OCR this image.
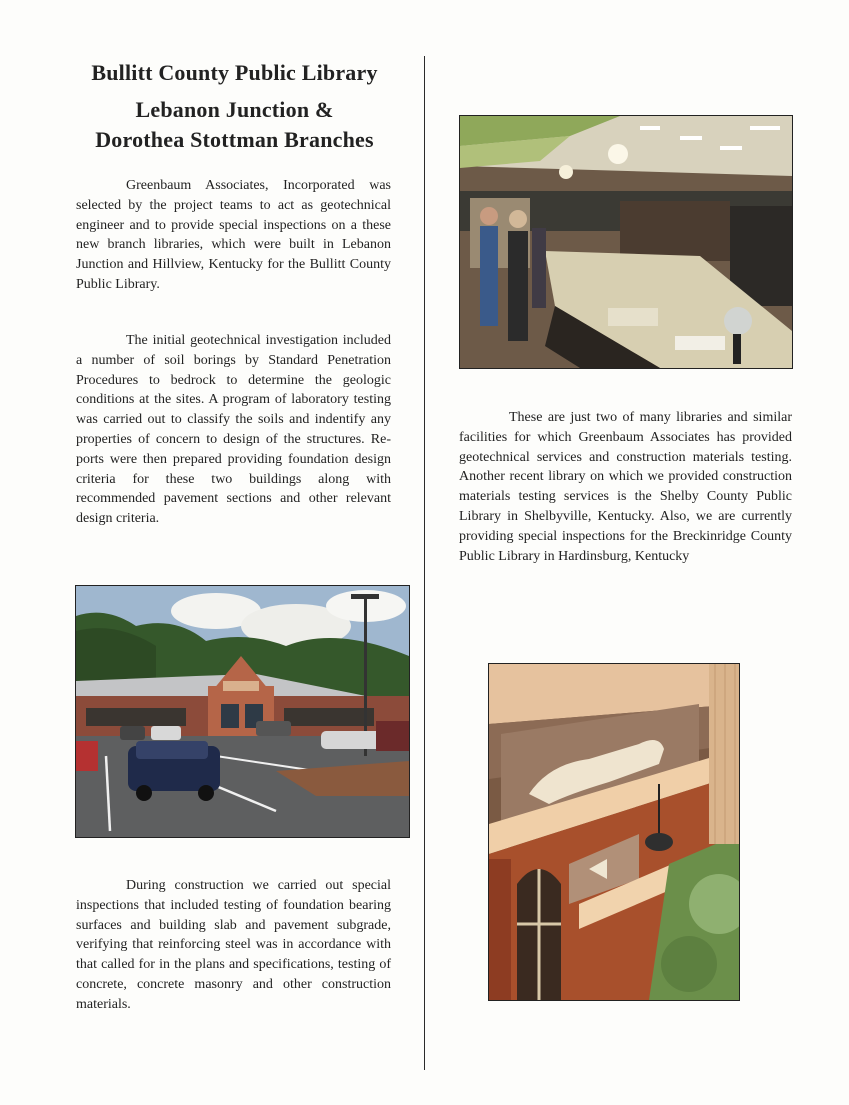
Bullitt County Public Library
Lebanon Junction &
Dorothea Stottman Branches

Greenbaum Associates, Incorporated was selected by the project teams to act as geotechnical engineer and to provide special inspections on a these new branch libraries, which were built in Lebanon Junction and Hillview, Kentucky for the Bullitt County Public Library.

The initial geotechnical investigation included a number of soil borings by Standard Penetration Procedures to bedrock to determine the geologic conditions at the sites. A program of laboratory testing was carried out to classify the soils and indentify any properties of concern to design of the structures. Reports were then prepared providing foundation design criteria for these two buildings along with recommended pavement sections and other relevant design criteria.

During construction we carried out special inspections that included testing of foundation bearing surfaces and building slab and pavement subgrade, verifying that reinforcing steel was in accordance with that called for in the plans and specifications, testing of concrete, concrete masonry and other construction materials.

These are just two of many libraries and similar facilities for which Greenbaum Associates has provided geotechnical services and construction materials testing. Another recent library on which we provided construction materials testing services is the Shelby County Public Library in Shelbyville, Kentucky. Also, we are currently providing special inspections for the Breckinridge County Public Library in Hardinsburg, Kentucky
